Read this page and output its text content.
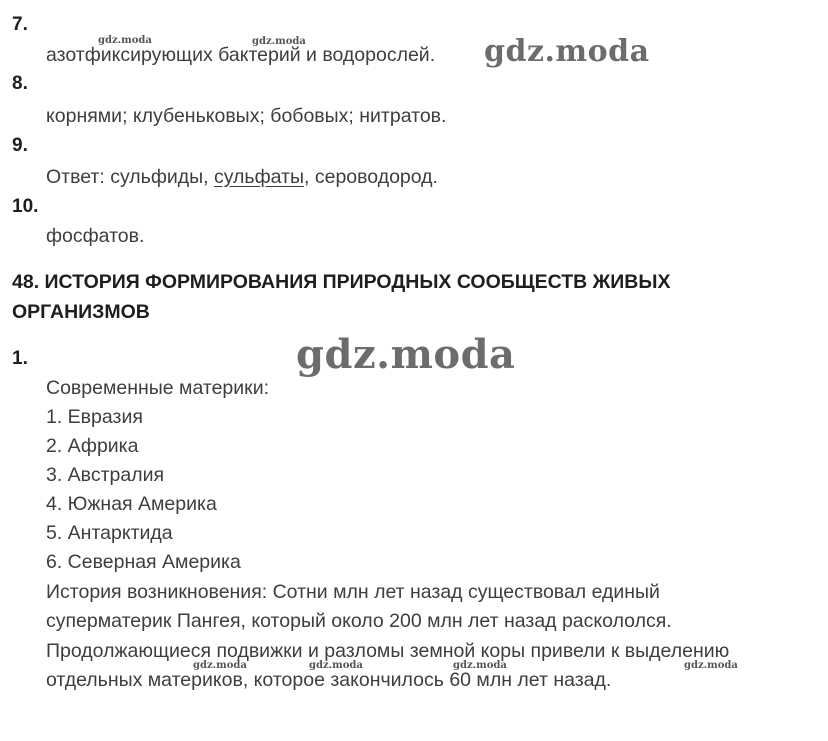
7.
gdz.moda	gdz.moda
азотфиксирующих бактерий и водорослей. gdz.moda
8.
корнями; клубеньковых; бобовых; нитратов.
9.
Ответ: сульфиды, сульфаты, сероводород.
10.
фосфатов.
48. ИСТОРИЯ ФОРМИРОВАНИЯ ПРИРОДНЫХ СООБЩЕСТВ ЖИВЫХ ОРГАНИЗМОВ
1.	gdz.moda
Современные материки:
1. Евразия
2. Африка
3. Австралия
4. Южная Америка
5. Антарктида
6. Северная Америка
История возникновения: Сотни млн лет назад существовал единый
суперматерик Пангея, который около 200 млн лет назад раскололся.
Продолжающиеся подвижки и разломы земной коры привели к выделению
gdz.moda	gdz.moda	gdz.moda	gdz.moda
отдельных материков, которое закончилось 60 млн лет назад.
